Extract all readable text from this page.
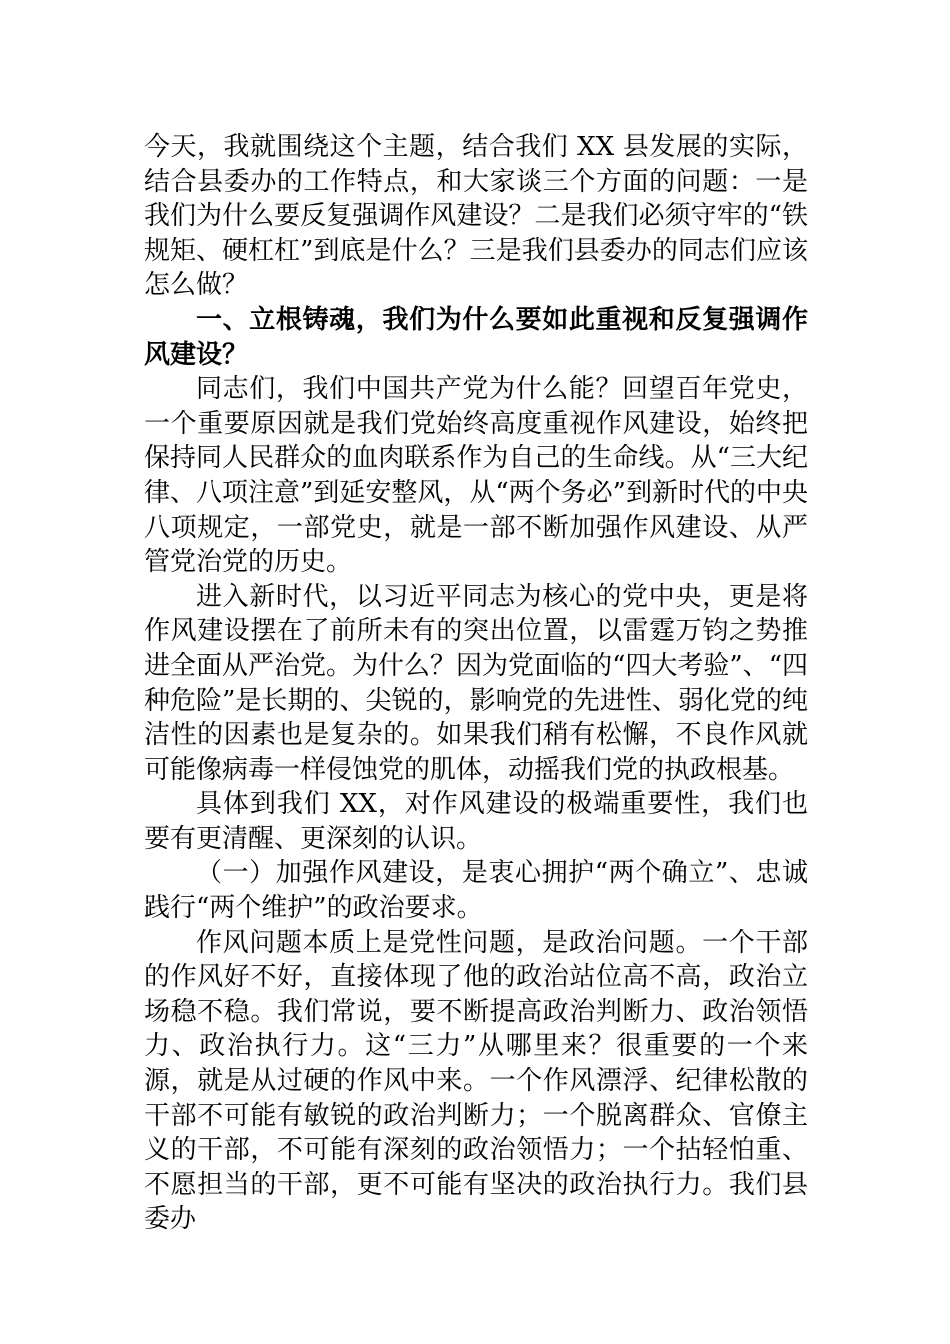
今天，我就围绕这个主题，结合我们 XX 县发展的实际，结合县委办的工作特点，和大家谈三个方面的问题：一是我们为什么要反复强调作风建设？二是我们必须守牢的“铁规矩、硬杠杠”到底是什么？三是我们县委办的同志们应该怎么做？

一、立根铸魂，我们为什么要如此重视和反复强调作风建设？

同志们，我们中国共产党为什么能？回望百年党史，一个重要原因就是我们党始终高度重视作风建设，始终把保持同人民群众的血肉联系作为自己的生命线。从“三大纪律、八项注意”到延安整风，从“两个务必”到新时代的中央八项规定，一部党史，就是一部不断加强作风建设、从严管党治党的历史。

进入新时代，以习近平同志为核心的党中央，更是将作风建设摆在了前所未有的突出位置，以雷霆万钧之势推进全面从严治党。为什么？因为党面临的“四大考验”、“四种危险”是长期的、尖锐的，影响党的先进性、弱化党的纯洁性的因素也是复杂的。如果我们稍有松懈，不良作风就可能像病毒一样侵蚀党的肌体，动摇我们党的执政根基。

具体到我们 XX，对作风建设的极端重要性，我们也要有更清醒、更深刻的认识。

（一）加强作风建设，是衷心拥护“两个确立”、忠诚践行“两个维护”的政治要求。

作风问题本质上是党性问题，是政治问题。一个干部的作风好不好，直接体现了他的政治站位高不高，政治立场稳不稳。我们常说，要不断提高政治判断力、政治领悟力、政治执行力。这“三力”从哪里来？很重要的一个来源，就是从过硬的作风中来。一个作风漂浮、纪律松散的干部不可能有敏锐的政治判断力；一个脱离群众、官僚主义的干部，不可能有深刻的政治领悟力；一个拈轻怕重、不愿担当的干部，更不可能有坚决的政治执行力。我们县委办
